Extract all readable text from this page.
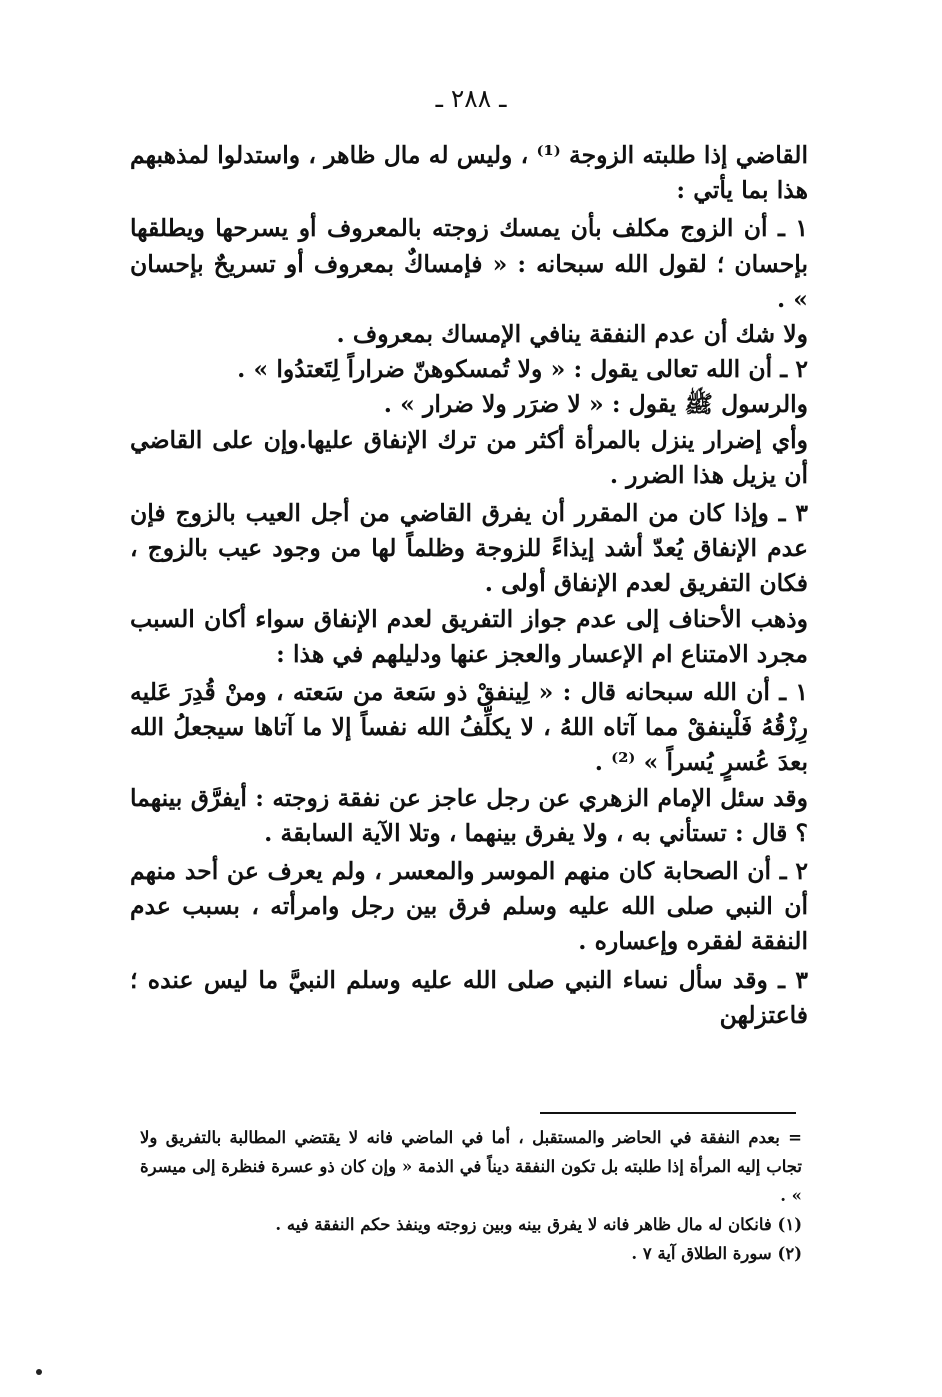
ـ ٢٨٨ ـ

القاضي إذا طلبته الزوجة ⁽¹⁾ ، وليس له مال ظاهر ، واستدلوا لمذهبهم هذا بما يأتي :

١ ـ أن الزوج مكلف بأن يمسك زوجته بالمعروف أو يسرحها ويطلقها بإحسان ؛ لقول الله سبحانه : « فإمساكٌ بمعروف أو تسريحٌ بإحسان » .

ولا شك أن عدم النفقة ينافي الإمساك بمعروف .

٢ ـ أن الله تعالى يقول : « ولا تُمسكوهنّ ضراراً لِتَعتدُوا » .

والرسول ﷺ يقول : « لا ضرَر ولا ضرار » .

وأي إضرار ينزل بالمرأة أكثر من ترك الإنفاق عليها.وإن على القاضي أن يزيل هذا الضرر .

٣ ـ وإذا كان من المقرر أن يفرق القاضي من أجل العيب بالزوج فإن عدم الإنفاق يُعدّ أشد إيذاءً للزوجة وظلماً لها من وجود عيب بالزوج ، فكان التفريق لعدم الإنفاق أولى .

وذهب الأحناف إلى عدم جواز التفريق لعدم الإنفاق سواء أكان السبب مجرد الامتناع ام الإعسار والعجز عنها ودليلهم في هذا :

١ ـ أن الله سبحانه قال : « لِينفقْ ذو سَعة من سَعته ، ومنْ قُدِرَ عَليه رِزْقُهُ فَلْينفقْ مما آتاه اللهُ ، لا يكلِّفُ الله نفساً إلا ما آتاها سيجعلُ الله بعدَ عُسرٍ يُسراً » ⁽²⁾ .

وقد سئل الإمام الزهري عن رجل عاجز عن نفقة زوجته : أيفرَّق بينهما ؟ قال : تستأني به ، ولا يفرق بينهما ، وتلا الآية السابقة .

٢ ـ أن الصحابة كان منهم الموسر والمعسر ، ولم يعرف عن أحد منهم أن النبي صلى الله عليه وسلم فرق بين رجل وامرأته ، بسبب عدم النفقة لفقره وإعساره .

٣ ـ وقد سأل نساء النبي صلى الله عليه وسلم النبيَّ ما ليس عنده ؛ فاعتزلهن

= بعدم النفقة في الحاضر والمستقبل ، أما في الماضي فانه لا يقتضي المطالبة بالتفريق ولا تجاب إليه المرأة إذا طلبته بل تكون النفقة ديناً في الذمة « وإن كان ذو عسرة فنظرة إلى ميسرة » .

(١) فانكان له مال ظاهر فانه لا يفرق بينه وبين زوجته وينفذ حكم النفقة فيه .

(٢) سورة الطلاق آية ٧ .
